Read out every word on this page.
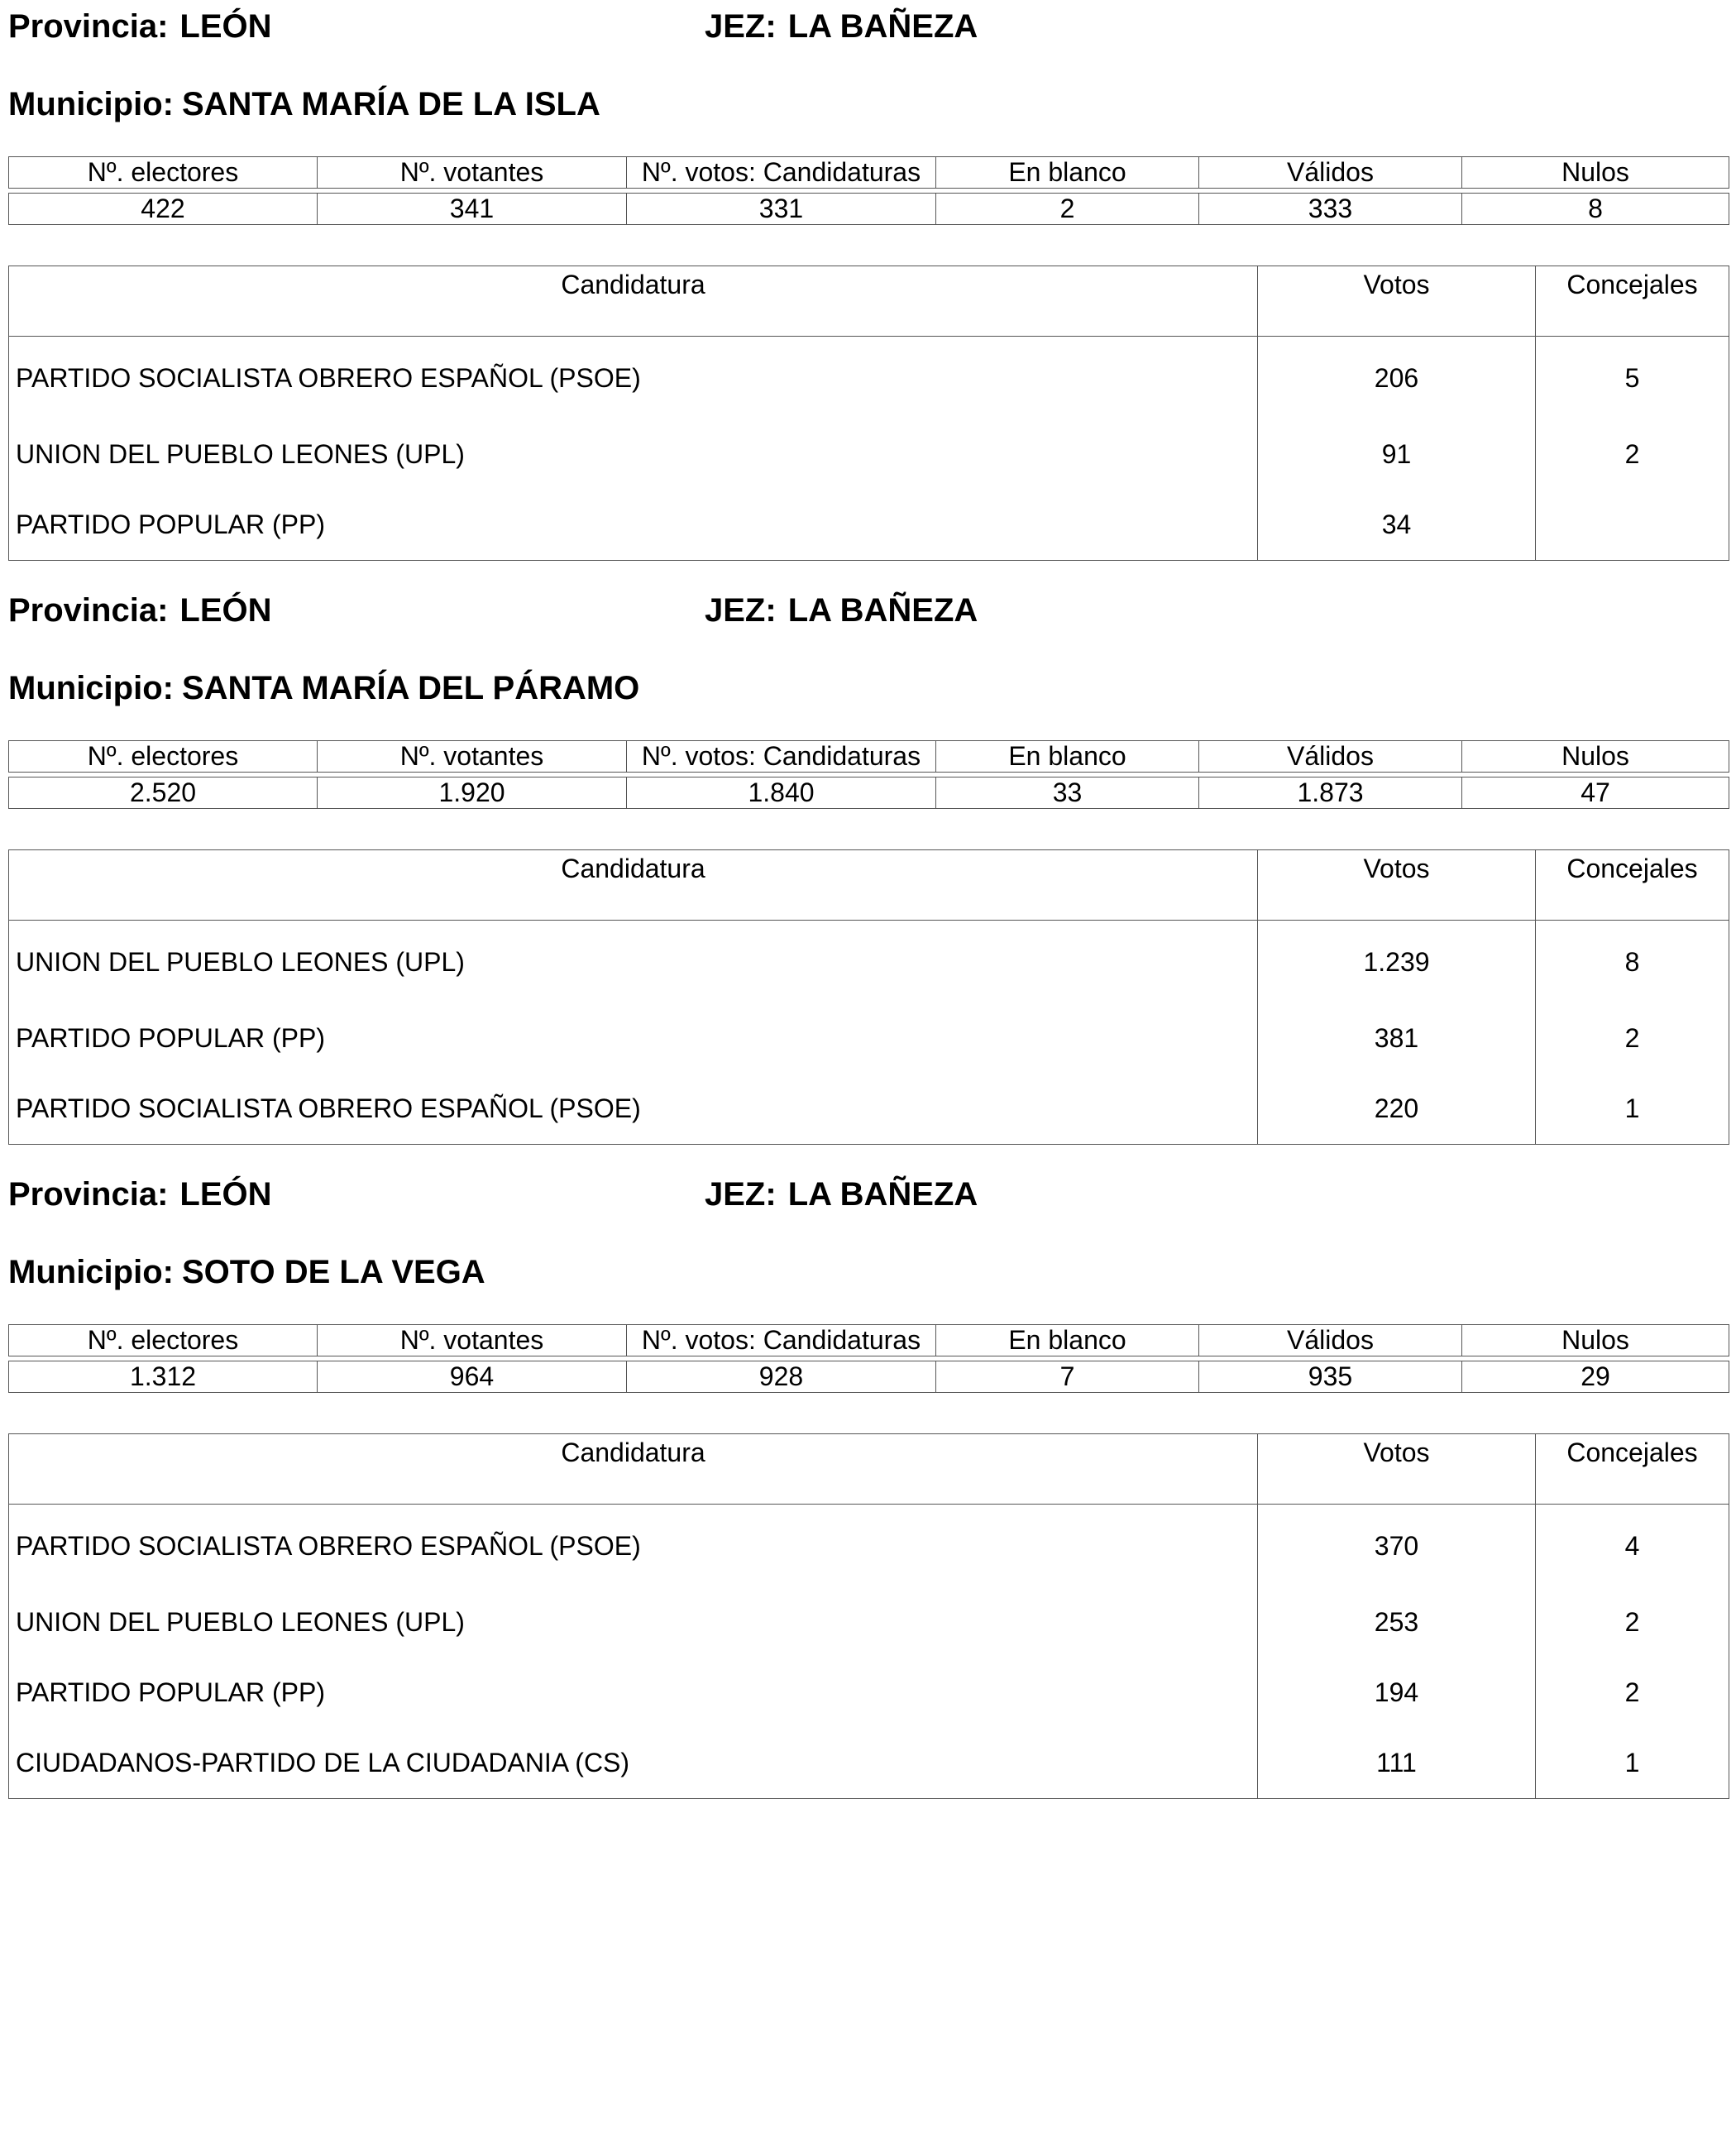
Provincia: LEÓN	JEZ: LA BAÑEZA
Municipio: SANTA MARÍA DE LA ISLA
Nº. electores	Nº. votantes	Nº. votos: Candidaturas	En blanco	Válidos	Nulos

422	341	331	2	333	8
Candidatura	Votos	Concejales
PARTIDO SOCIALISTA OBRERO ESPAÑOL (PSOE)	206	5
UNION DEL PUEBLO LEONES (UPL)	91	2
PARTIDO POPULAR (PP)	34	
Provincia: LEÓN	JEZ: LA BAÑEZA
Municipio: SANTA MARÍA DEL PÁRAMO
Nº. electores	Nº. votantes	Nº. votos: Candidaturas	En blanco	Válidos	Nulos

2.520	1.920	1.840	33	1.873	47
Candidatura	Votos	Concejales
UNION DEL PUEBLO LEONES (UPL)	1.239	8
PARTIDO POPULAR (PP)	381	2
PARTIDO SOCIALISTA OBRERO ESPAÑOL (PSOE)	220	1
Provincia: LEÓN	JEZ: LA BAÑEZA
Municipio: SOTO DE LA VEGA
Nº. electores	Nº. votantes	Nº. votos: Candidaturas	En blanco	Válidos	Nulos

1.312	964	928	7	935	29
Candidatura	Votos	Concejales
PARTIDO SOCIALISTA OBRERO ESPAÑOL (PSOE)	370	4
UNION DEL PUEBLO LEONES (UPL)	253	2
PARTIDO POPULAR (PP)	194	2
CIUDADANOS-PARTIDO DE LA CIUDADANIA (CS)	111	1
